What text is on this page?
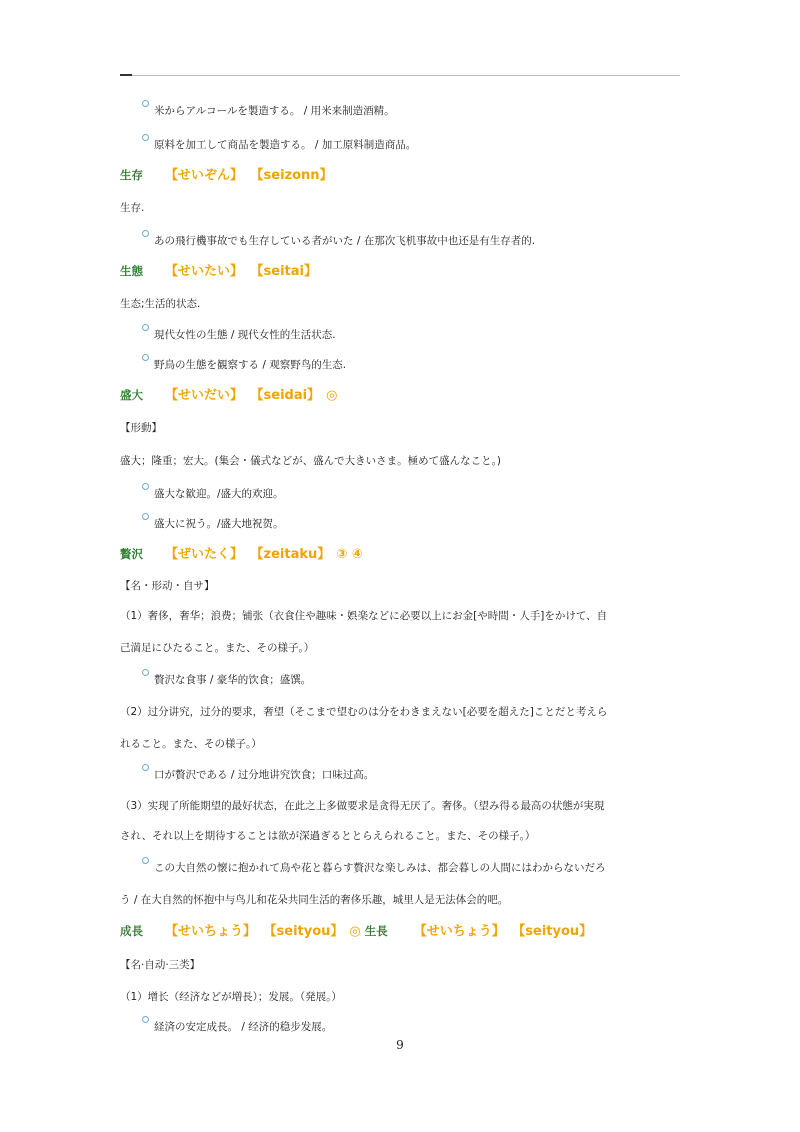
米からアルコールを製造する。 / 用米来制造酒精。
原料を加工して商品を製造する。 / 加工原料制造商品。
生存 【せいぞん】 【seizonn】
生存.
あの飛行機事故でも生存している者がいた / 在那次飞机事故中也还是有生存者的.
生態 【せいたい】 【seitai】
生态;生活的状态.
現代女性の生態 / 现代女性的生活状态.
野鳥の生態を観察する / 观察野鸟的生态.
盛大 【せいだい】 【seidai】 ◎
【形動】
盛大；隆重；宏大。(集会・儀式などが、盛んで大きいさま。極めて盛んなこと。)
盛大な歓迎。/盛大的欢迎。
盛大に祝う。/盛大地祝贺。
贅沢 【ぜいたく】 【zeitaku】 ③ ④
【名・形动・自サ】
（1）奢侈，奢华；浪费；铺张（衣食住や趣味・娯楽などに必要以上にお金[や時間・人手]をかけて、自
己満足にひたること。また、その様子。）
贅沢な食事 / 豪华的饮食；盛馔。
（2）过分讲究，过分的要求，奢望（そこまで望むのは分をわきまえない[必要を超えた]ことだと考えら
れること。また、その様子。）
口が贅沢である / 过分地讲究饮食；口味过高。
（3）实现了所能期望的最好状态，在此之上多做要求是贪得无厌了。奢侈。（望み得る最高の状態が実現
され、それ以上を期待することは欲が深過ぎるととらえられること。また、その様子。）
この大自然の懐に抱かれて鳥や花と暮らす贅沢な楽しみは、都会暮しの人間にはわからないだろ
う / 在大自然的怀抱中与鸟儿和花朵共同生活的奢侈乐趣，城里人是无法体会的吧。
成長 【せいちょう】 【seityou】 ◎ 生長 【せいちょう】 【seityou】
【名·自动·三类】
（1）增长（经济などが増長）；发展。（発展。）
経済の安定成長。 / 经济的稳步发展。
9
